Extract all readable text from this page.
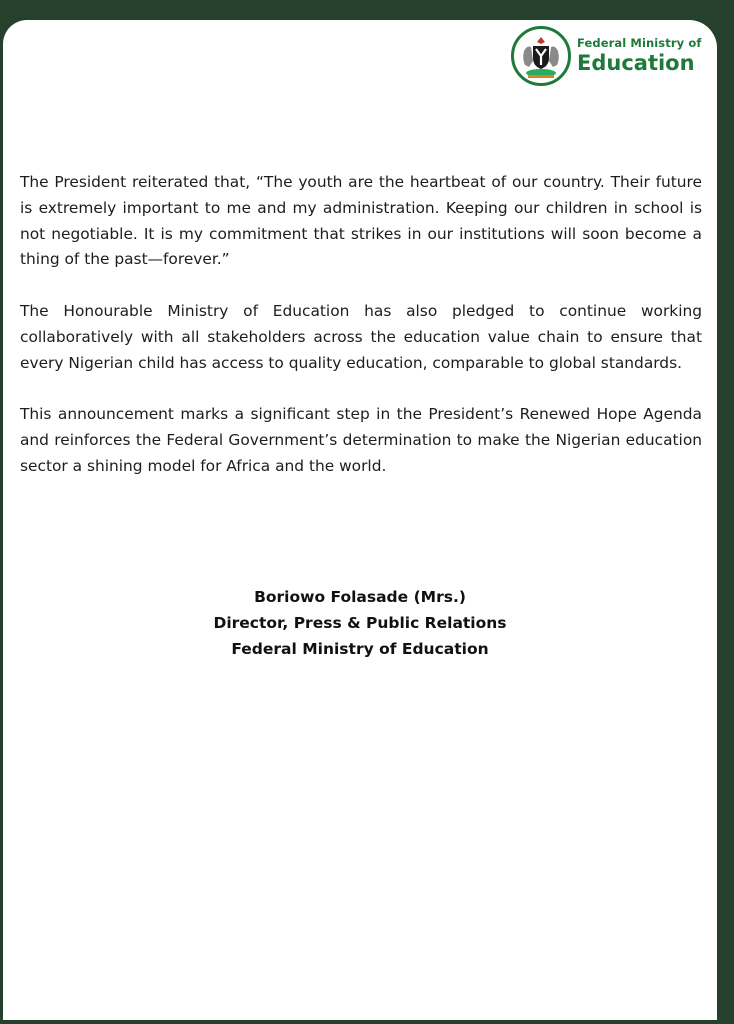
Federal Ministry of
Education

The President reiterated that, “The youth are the heartbeat of our country. Their future is extremely important to me and my administration. Keeping our children in school is not negotiable. It is my commitment that strikes in our institutions will soon become a thing of the past—forever.”

The Honourable Ministry of Education has also pledged to continue working collaboratively with all stakeholders across the education value chain to ensure that every Nigerian child has access to quality education, comparable to global standards.

This announcement marks a significant step in the President’s Renewed Hope Agenda and reinforces the Federal Government’s determination to make the Nigerian education sector a shining model for Africa and the world.

Boriowo Folasade (Mrs.)
Director, Press & Public Relations
Federal Ministry of Education
